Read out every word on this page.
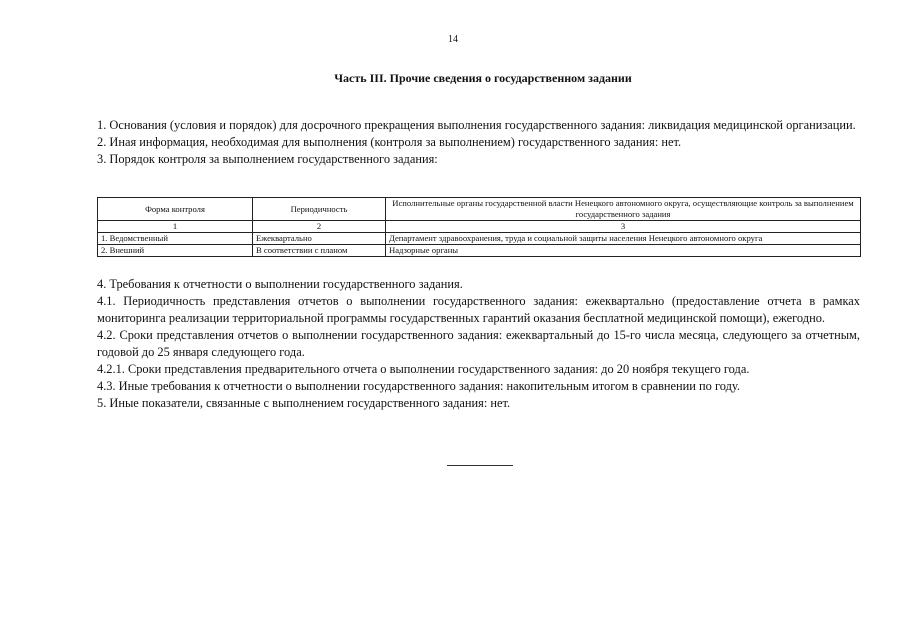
14
Часть III. Прочие сведения о государственном задании

1. Основания (условия и порядок) для досрочного прекращения выполнения государственного задания: ликвидация медицинской организации.

2. Иная информация, необходимая для выполнения (контроля за выполнением) государственного задания: нет.

3. Порядок контроля за выполнением государственного задания:

Форма контроля	Периодичность	Исполнительные органы государственной власти Ненецкого автономного округа, осуществляющие контроль за выполнением государственного задания
1	2	3
1. Ведомственный	Ежеквартально	Департамент здравоохранения, труда и социальной защиты населения Ненецкого автономного округа
2. Внешний	В соответствии с планом	Надзорные органы

4. Требования к отчетности о выполнении государственного задания.

4.1. Периодичность представления отчетов о выполнении государственного задания: ежеквартально (предоставление отчета в рамках мониторинга реализации территориальной программы государственных гарантий оказания бесплатной медицинской помощи), ежегодно.

4.2. Сроки представления отчетов о выполнении государственного задания: ежеквартальный до 15-го числа месяца, следующего за отчетным, годовой до 25 января следующего года.

4.2.1. Сроки представления предварительного отчета о выполнении государственного задания: до 20 ноября текущего года.

4.3. Иные требования к отчетности о выполнении государственного задания: накопительным итогом в сравнении по году.

5. Иные показатели, связанные с выполнением государственного задания: нет.
